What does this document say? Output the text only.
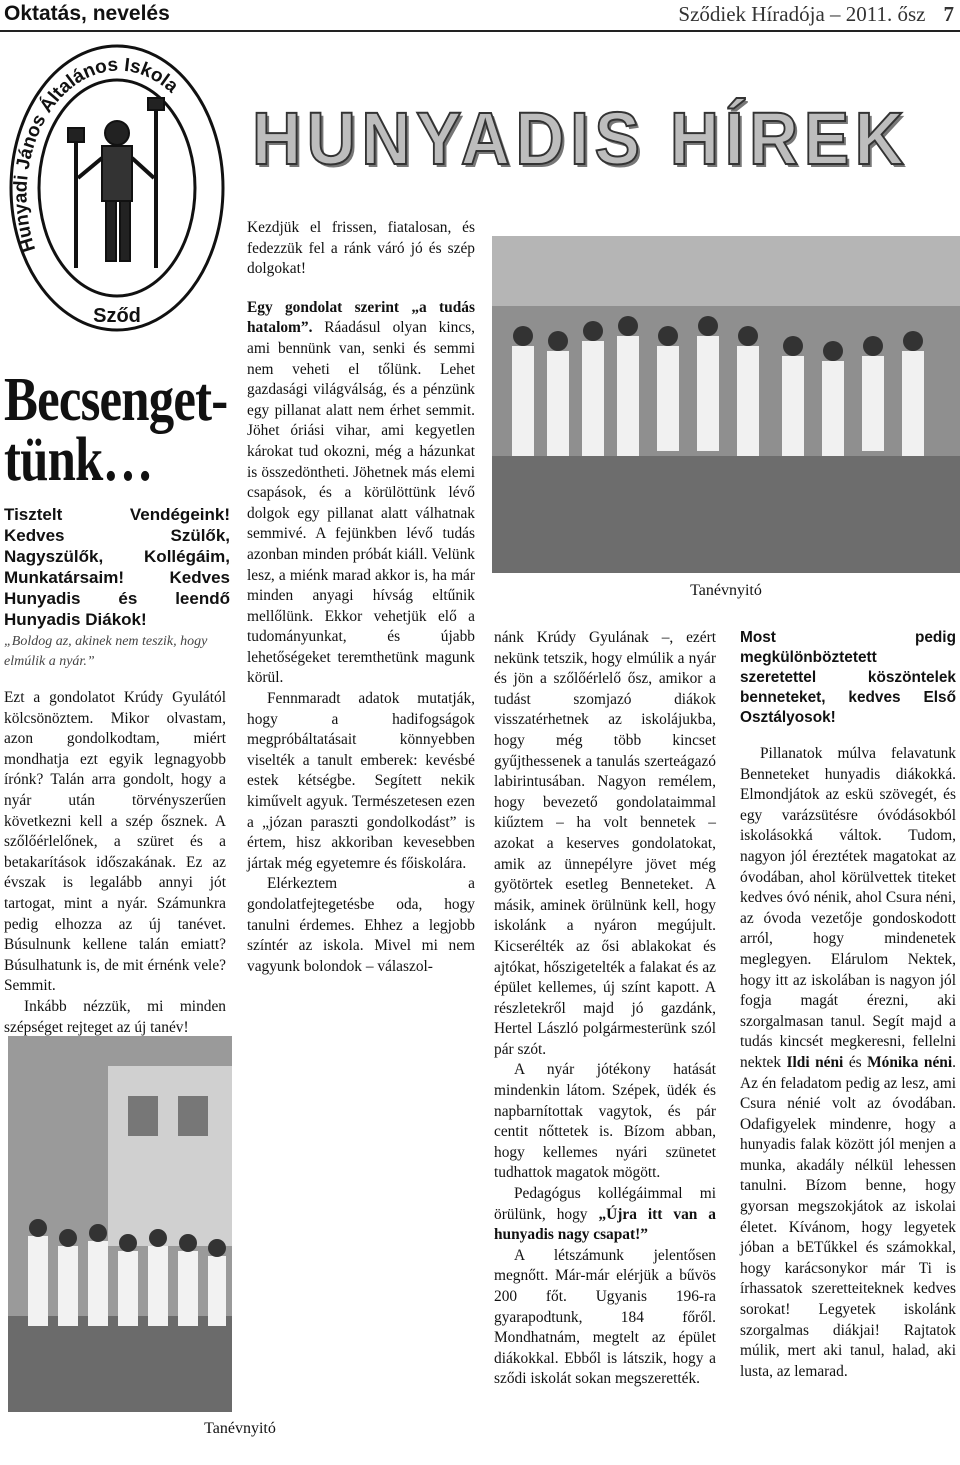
Oktatás, nevelés	Sződiek Híradója – 2011. ősz 7
Hunyadi János Általános Iskola
Sződ
HUNYADIS HÍREK
Tanévnyitó
Becsenget-
tünk…
Tisztelt Vendégeink! Kedves Szülők, Nagyszülők, Kollégáim, Munkatársaim! Kedves Hunyadis és leendő Hunyadis Diákok!
„Boldog az, akinek nem teszik, hogy elmúlik a nyár.”

Ezt a gondolatot Krúdy Gyulától kölcsönöztem. Mikor olvastam, azon gondolkodtam, miért mondhatja ezt egyik legnagyobb írónk? Talán arra gondolt, hogy a nyár után törvényszerűen következni kell a szép ősznek. A szőlőérlelőnek, a szüret és a betakarítások időszakának. Ez az évszak is legalább annyi jót tartogat, mint a nyár. Számunkra pedig elhozza az új tanévet. Búsulnunk kellene talán emiatt? Búsulhatunk is, de mit érnénk vele? Semmit.

Inkább nézzük, mi minden szépséget rejteget az új tanév!

Kezdjük el frissen, fiatalosan, és fedezzük fel a ránk váró jó és szép dolgokat!

Egy gondolat szerint „a tudás hatalom”. Ráadásul olyan kincs, ami bennünk van, senki és semmi nem veheti el tőlünk. Lehet gazdasági világválság, és a pénzünk egy pillanat alatt nem érhet semmit. Jöhet óriási vihar, ami kegyetlen károkat tud okozni, még a házunkat is összedöntheti. Jöhetnek más elemi csapások, és a körülöttünk lévő dolgok egy pillanat alatt válhatnak semmivé. A fejünkben lévő tudás azonban minden próbát kiáll. Velünk lesz, a miénk marad akkor is, ha már minden anyagi hívság eltűnik mellőlünk. Ekkor vehetjük elő a tudományunkat, és újabb lehetőségeket teremthetünk magunk körül.

Fennmaradt adatok mutatják, hogy a hadifogságok megpróbáltatásait könnyebben viselték a tanult emberek: kevésbé estek kétségbe. Segített nekik kiművelt agyuk. Természetesen ezen a „józan paraszti gondolkodást” is értem, hisz akkoriban kevesebben jártak még egyetemre és főiskolára.

Elérkeztem a gondolatfejtegetésbe oda, hogy tanulni érdemes. Ehhez a legjobb színtér az iskola. Mivel mi nem vagyunk bolondok – válaszol-

Tanévnyitó

nánk Krúdy Gyulának –, ezért nekünk tetszik, hogy elmúlik a nyár és jön a szőlőérlelő ősz, amikor a tudást szomjazó diákok visszatérhetnek az iskolájukba, hogy még több kincset gyűjthessenek a tanulás szerteágazó labirintusában. Nagyon remélem, hogy bevezető gondolataimmal kiűztem – ha volt bennetek – azokat a keserves gondolatokat, amik az ünnepélyre jövet még gyötörtek esetleg Benneteket. A másik, aminek örülnünk kell, hogy iskolánk a nyáron megújult. Kicserélték az ősi ablakokat és ajtókat, hőszigetelték a falakat és az épület kellemes, új színt kapott. A részletekről majd jó gazdánk, Hertel László polgármesterünk szól pár szót.

A nyár jótékony hatását mindenkin látom. Szépek, üdék és napbarnítottak vagytok, és pár centit nőttetek is. Bízom abban, hogy kellemes nyári szünetet tudhattok magatok mögött.

Pedagógus kollégáimmal mi örülünk, hogy „Újra itt van a hunyadis nagy csapat!”

A létszámunk jelentősen megnőtt. Már-már elérjük a bűvös 200 főt. Ugyanis 196-ra gyarapodtunk, 184 főről. Mondhatnám, megtelt az épület diákokkal. Ebből is látszik, hogy a sződi iskolát sokan megszerették.

Most pedig megkülönböztetett szeretettel köszöntelek benneteket, kedves Első Osztályosok!

Pillanatok múlva felavatunk Benneteket hunyadis diákokká. Elmondjátok az eskü szövegét, és egy varázsütésre óvódásokból iskolásokká váltok. Tudom, nagyon jól éreztétek magatokat az óvodában, ahol körülvettek titeket kedves óvó nénik, ahol Csura néni, az óvoda vezetője gondoskodott arról, hogy mindenetek meglegyen. Elárulom Nektek, hogy itt az iskolában is nagyon jól fogja magát érezni, aki szorgalmasan tanul. Segít majd a tudás kincsét megkeresni, fellelni nektek Ildi néni és Mónika néni. Az én feladatom pedig az lesz, ami Csura nénié volt az óvodában. Odafigyelek mindenre, hogy a hunyadis falak között jól menjen a munka, akadály nélkül lehessen tanulni. Bízom benne, hogy gyorsan megszokjátok az iskolai életet. Kívánom, hogy legyetek jóban a bETűkkel és számokkal, hogy karácsonykor már Ti is írhassatok szeretteiteknek kedves sorokat! Legyetek iskolánk szorgalmas diákjai! Rajtatok múlik, mert aki tanul, halad, aki lusta, az lemarad.
